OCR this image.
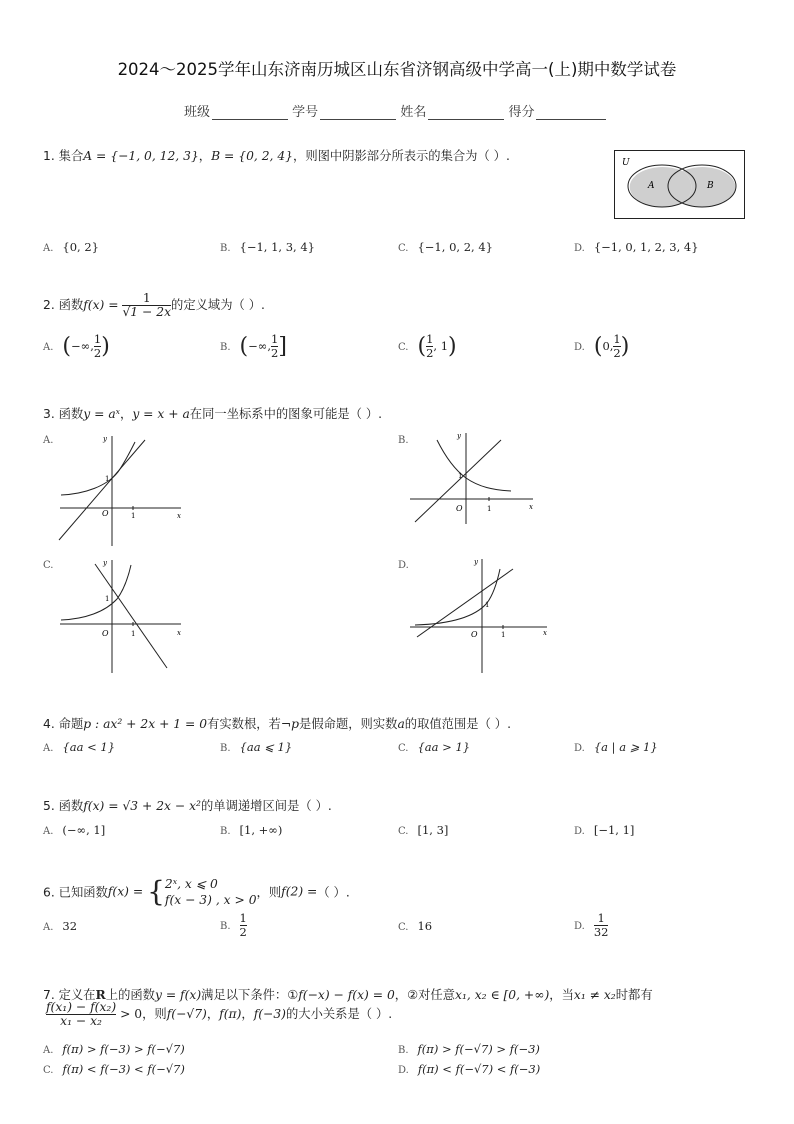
2024～2025学年山东济南历城区山东省济钢高级中学高一(上)期中数学试卷
班级	学号	姓名	得分
1. 集合A = {−1, 0, 12, 3}，B = {0, 2, 4}，则图中阴影部分所表示的集合为（ ）.	U
A	B
A. {0, 2}	B. {−1, 1, 3, 4}	C. {−1, 0, 2, 4}	D. {−1, 0, 1, 2, 3, 4}
2. 函数$f(x) = \frac{1}{√1 - 2x}$ 的定义域为（ ）.
A. (−∞, $\frac{1}{2}$ )	B. (−∞, $\frac{1}{2}$ ]	C. ( $\frac{1}{2}$ , 1)	D. (0, $\frac{1}{2}$ )
3. 函数y = aˣ，y = x + a在同一坐标系中的图象可能是（ ）.
A.
x
y
O	1
1
B.
x
y
O	1
1
C.
x
y
O	1
1
D.
x
y
O	1
1
4. 命题p : ax² + 2x + 1 = 0有实数根，若¬p是假命题，则实数a的取值范围是（ ）.
A. {aa < 1}	B. {aa ⩽ 1}	C. {aa > 1}	D. {a | a ⩾ 1}
5. 函数f(x) = √3 + 2x − x²的单调递增区间是（ ）.
A. (−∞, 1]	B. [1, +∞)	C. [1, 3]	D. [−1, 1]
6. 已知函数f(x) = { 2ˣ, x ⩽ 0
f(x − 3) , x > 0 ，则f(2) =（ ）.
A. 32	B. $\frac{1}{2}$	C. 16	D. $\frac{1}{32}$
7. 定义在R上的函数y = f(x)满足以下条件：①f(−x) − f(x) = 0，②对任意x₁, x₂ ∈ [0, +∞)，当x₁ ≠ x₂时都有
$\frac{\text{f(x₁) − f(x₂)}}{\text{x₁ − x₂}} > 0$，则f(−√7)，f(π)，f(−3)的大小关系是（ ）.
A. f(π) > f(−3) > f(−√7)	B. f(π) > f(−√7) > f(−3)
C. f(π) < f(−3) < f(−√7)	D. f(π) < f(−√7) < f(−3)
